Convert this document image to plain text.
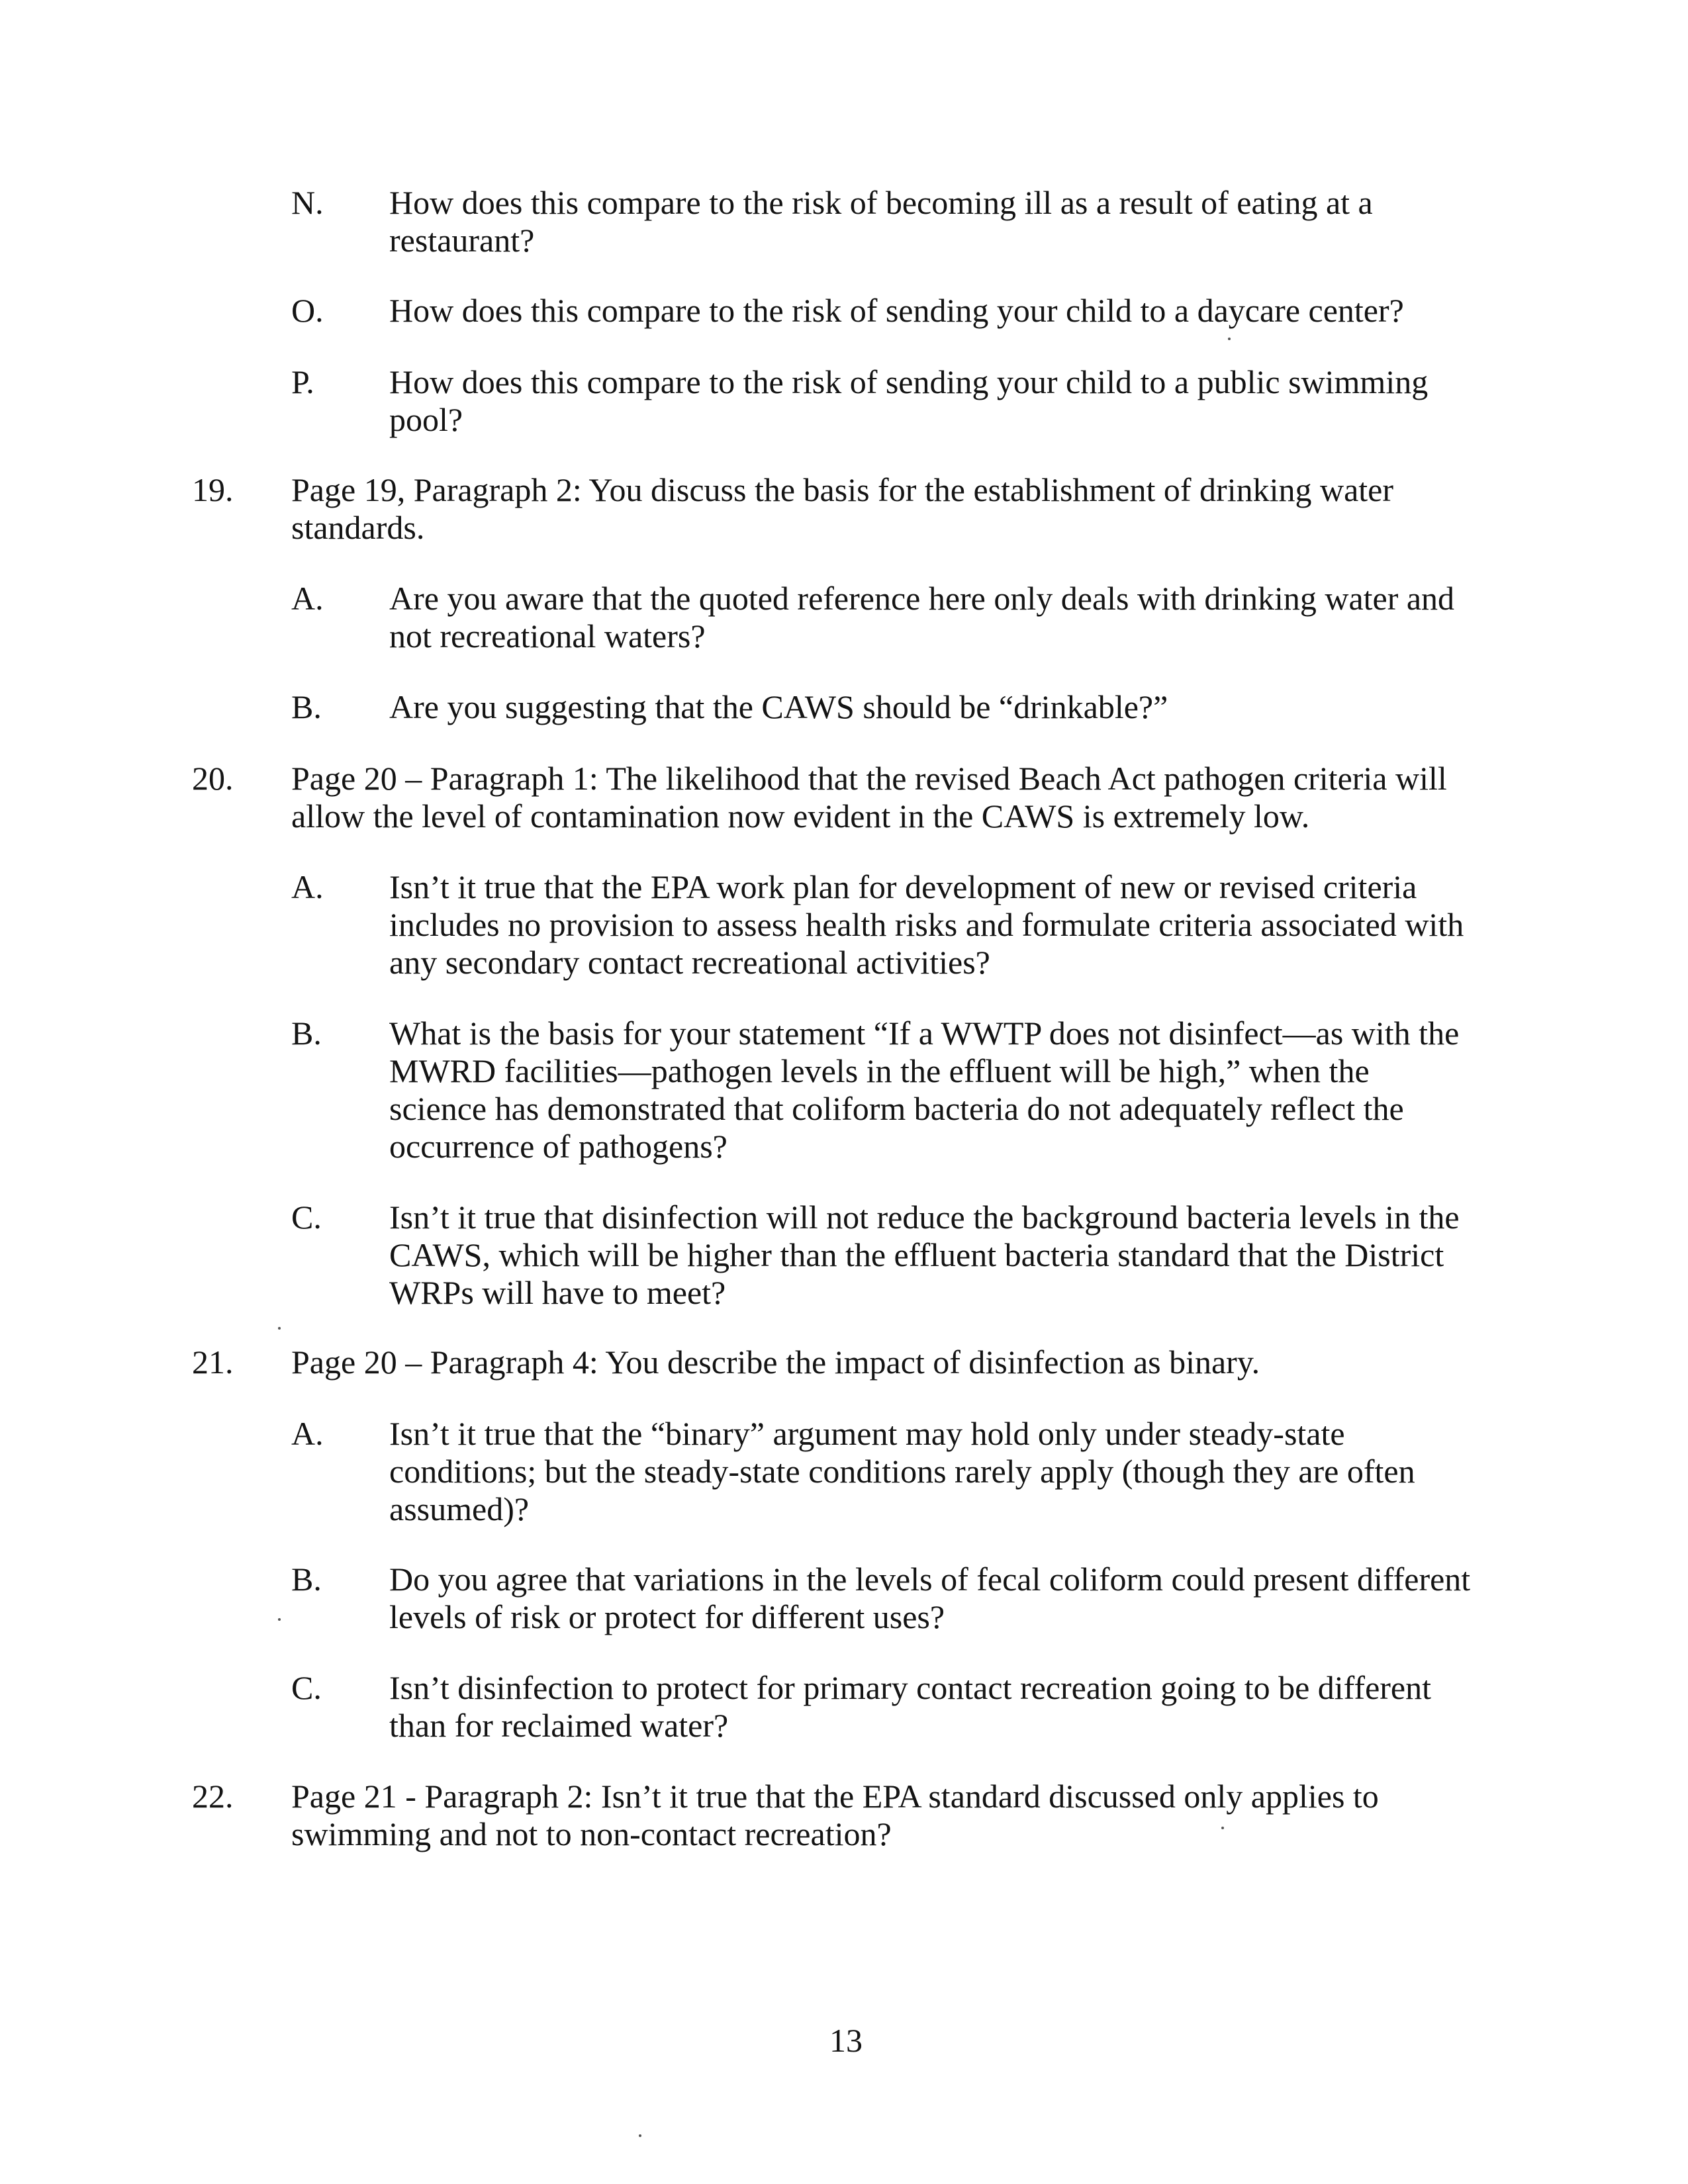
N. How does this compare to the risk of becoming ill as a result of eating at a restaurant?

O. How does this compare to the risk of sending your child to a daycare center?

P. How does this compare to the risk of sending your child to a public swimming pool?

19. Page 19, Paragraph 2: You discuss the basis for the establishment of drinking water standards.

A. Are you aware that the quoted reference here only deals with drinking water and not recreational waters?

B. Are you suggesting that the CAWS should be “drinkable?”

20. Page 20 – Paragraph 1: The likelihood that the revised Beach Act pathogen criteria will allow the level of contamination now evident in the CAWS is extremely low.

A. Isn’t it true that the EPA work plan for development of new or revised criteria includes no provision to assess health risks and formulate criteria associated with any secondary contact recreational activities?

B. What is the basis for your statement “If a WWTP does not disinfect—as with the MWRD facilities—pathogen levels in the effluent will be high,” when the science has demonstrated that coliform bacteria do not adequately reflect the occurrence of pathogens?

C. Isn’t it true that disinfection will not reduce the background bacteria levels in the CAWS, which will be higher than the effluent bacteria standard that the District WRPs will have to meet?

21. Page 20 – Paragraph 4: You describe the impact of disinfection as binary.

A. Isn’t it true that the “binary” argument may hold only under steady-state conditions; but the steady-state conditions rarely apply (though they are often assumed)?

B. Do you agree that variations in the levels of fecal coliform could present different levels of risk or protect for different uses?

C. Isn’t disinfection to protect for primary contact recreation going to be different than for reclaimed water?

22. Page 21 - Paragraph 2: Isn’t it true that the EPA standard discussed only applies to swimming and not to non-contact recreation?

13
